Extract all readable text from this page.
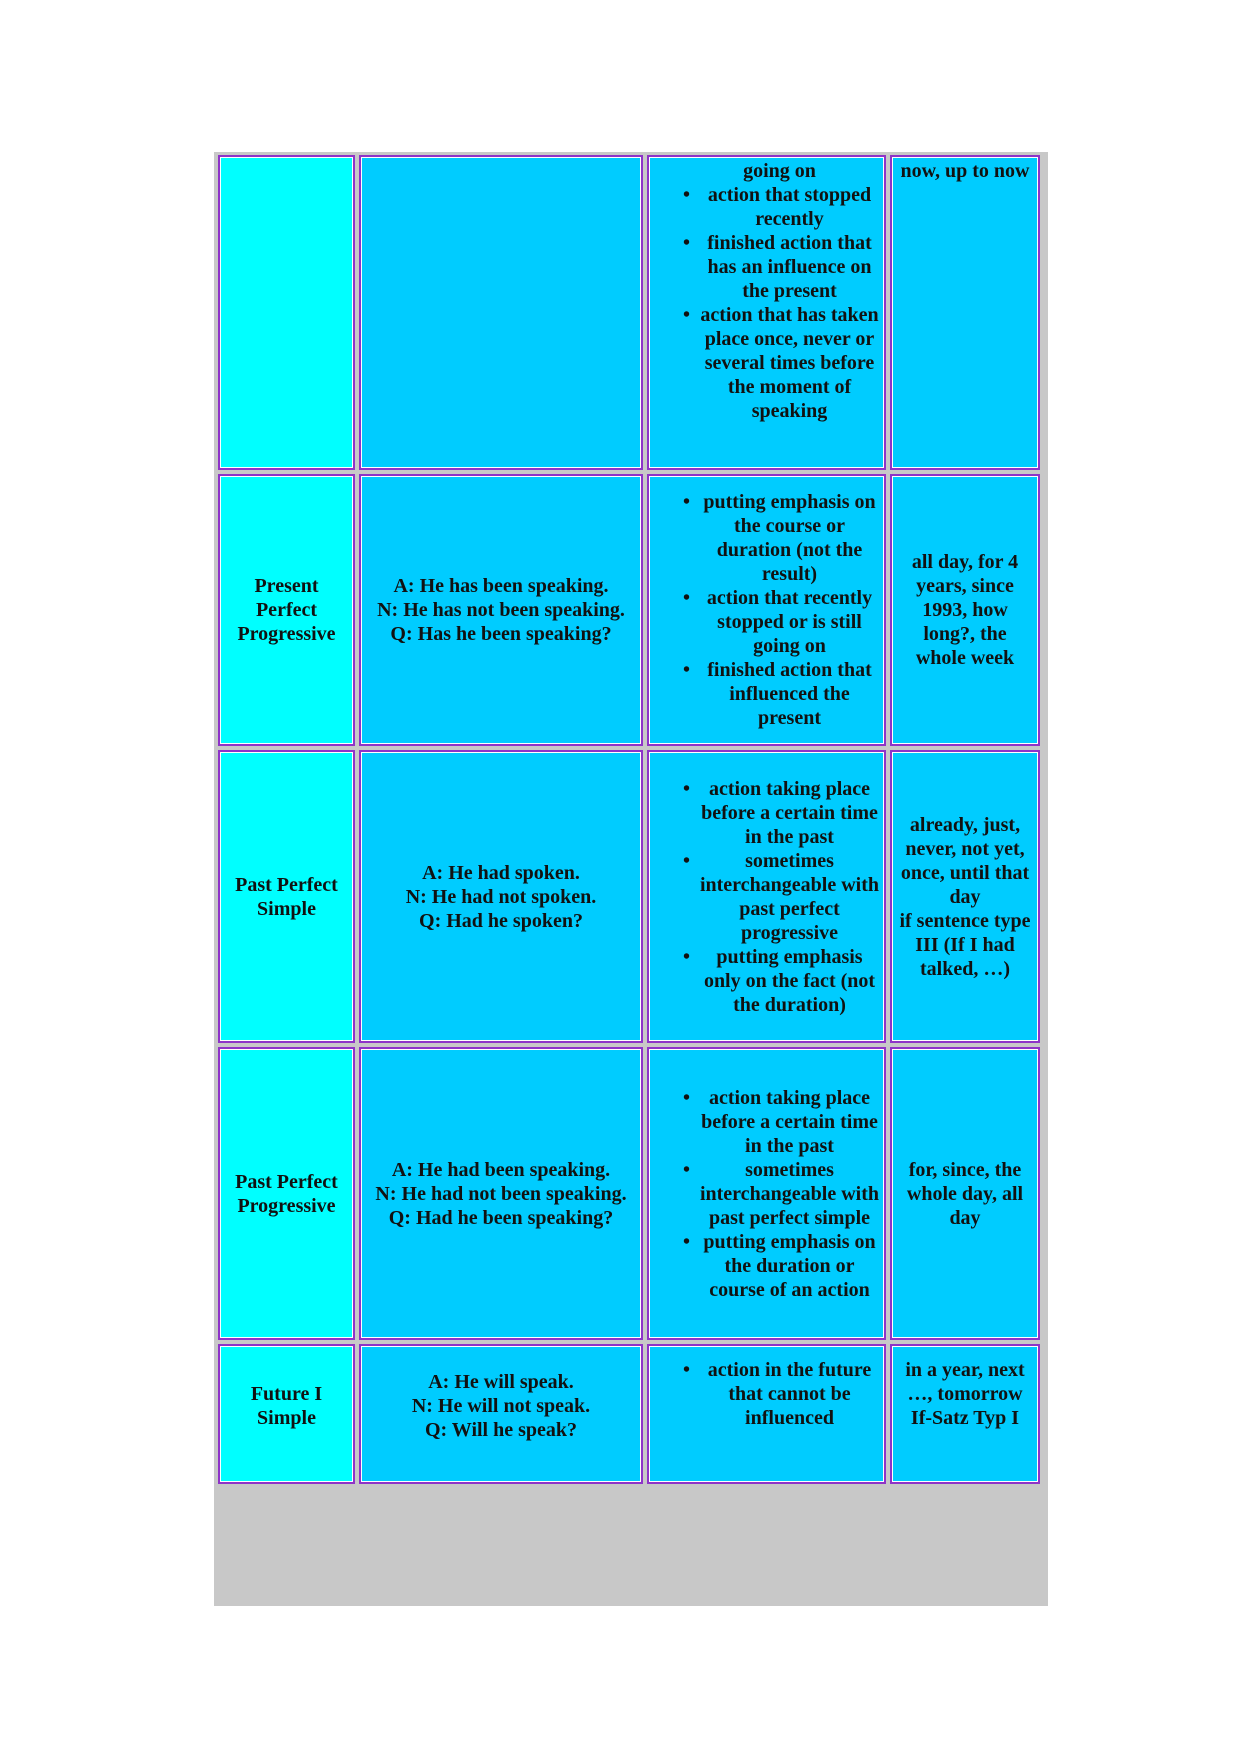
going on
• action that stopped recently
• finished action that has an influence on the present
• action that has taken place once, never or several times before the moment of speaking
now, up to now
Present Perfect Progressive
A: He has been speaking.
N: He has not been speaking.
Q: Has he been speaking?
• putting emphasis on the course or duration (not the result)
• action that recently stopped or is still going on
• finished action that influenced the present
all day, for 4 years, since 1993, how long?, the whole week
Past Perfect Simple
A: He had spoken.
N: He had not spoken.
Q: Had he spoken?
• action taking place before a certain time in the past
• sometimes interchangeable with past perfect progressive
• putting emphasis only on the fact (not the duration)
already, just, never, not yet, once, until that day
if sentence type III (If I had talked, …)
Past Perfect Progressive
A: He had been speaking.
N: He had not been speaking.
Q: Had he been speaking?
• action taking place before a certain time in the past
• sometimes interchangeable with past perfect simple
• putting emphasis on the duration or course of an action
for, since, the whole day, all day
Future I Simple
A: He will speak.
N: He will not speak.
Q: Will he speak?
• action in the future that cannot be influenced
in a year, next …, tomorrow
If-Satz Typ I
